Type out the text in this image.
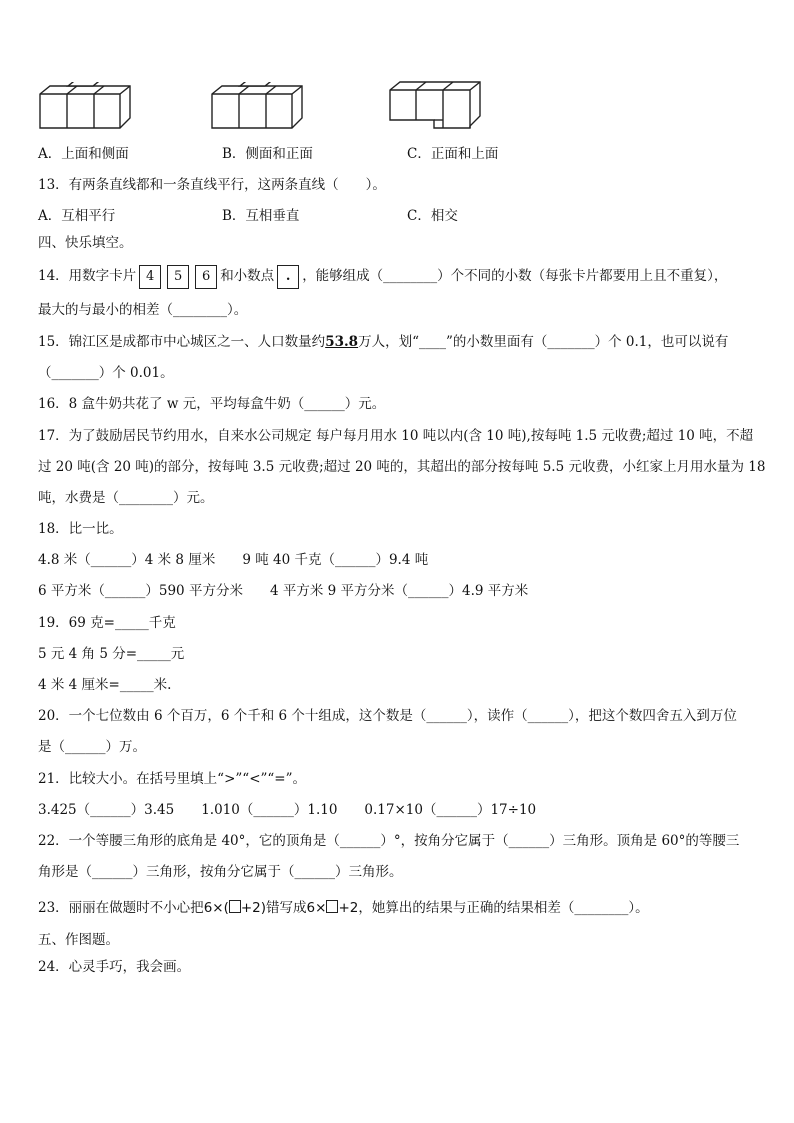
A．上面和侧面	B．侧面和正面	C．正面和上面
13．有两条直线都和一条直线平行，这两条直线（　　）。
A．互相平行	B．互相垂直	C．相交
四、快乐填空。
14．用数字卡片 4 5 6 和小数点 . ，能够组成（________）个不同的小数（每张卡片都要用上且不重复），
最大的与最小的相差（________）。
15．锦江区是成都市中心城区之一、人口数量约53.8万人，划“____”的小数里面有（_______）个 0.1，也可以说有
（_______）个 0.01。
16．8 盒牛奶共花了 w 元，平均每盒牛奶（______）元。
17．为了鼓励居民节约用水，自来水公司规定 每户每月用水 10 吨以内(含 10 吨),按每吨 1.5 元收费;超过 10 吨，不超
过 20 吨(含 20 吨)的部分，按每吨 3.5 元收费;超过 20 吨的，其超出的部分按每吨 5.5 元收费，小红家上月用水量为 18
吨，水费是（________）元。
18．比一比。
4.8 米（______）4 米 8 厘米　　9 吨 40 千克（______）9.4 吨
6 平方米（______）590 平方分米　　4 平方米 9 平方分米（______）4.9 平方米
19．69 克=_____千克
5 元 4 角 5 分=_____元
4 米 4 厘米=_____米.
20．一个七位数由 6 个百万，6 个千和 6 个十组成，这个数是（______），读作（______），把这个数四舍五入到万位
是（______）万。
21．比较大小。在括号里填上“>”“<”“=”。
3.425（______）3.45　　1.010（______）1.10　　0.17×10（______）17÷10
22．一个等腰三角形的底角是 40°，它的顶角是（______）°，按角分它属于（______）三角形。顶角是 60°的等腰三
角形是（______）三角形，按角分它属于（______）三角形。
23．丽丽在做题时不小心把6×( +2)错写成6× +2，她算出的结果与正确的结果相差（________）。
五、作图题。
24．心灵手巧，我会画。
